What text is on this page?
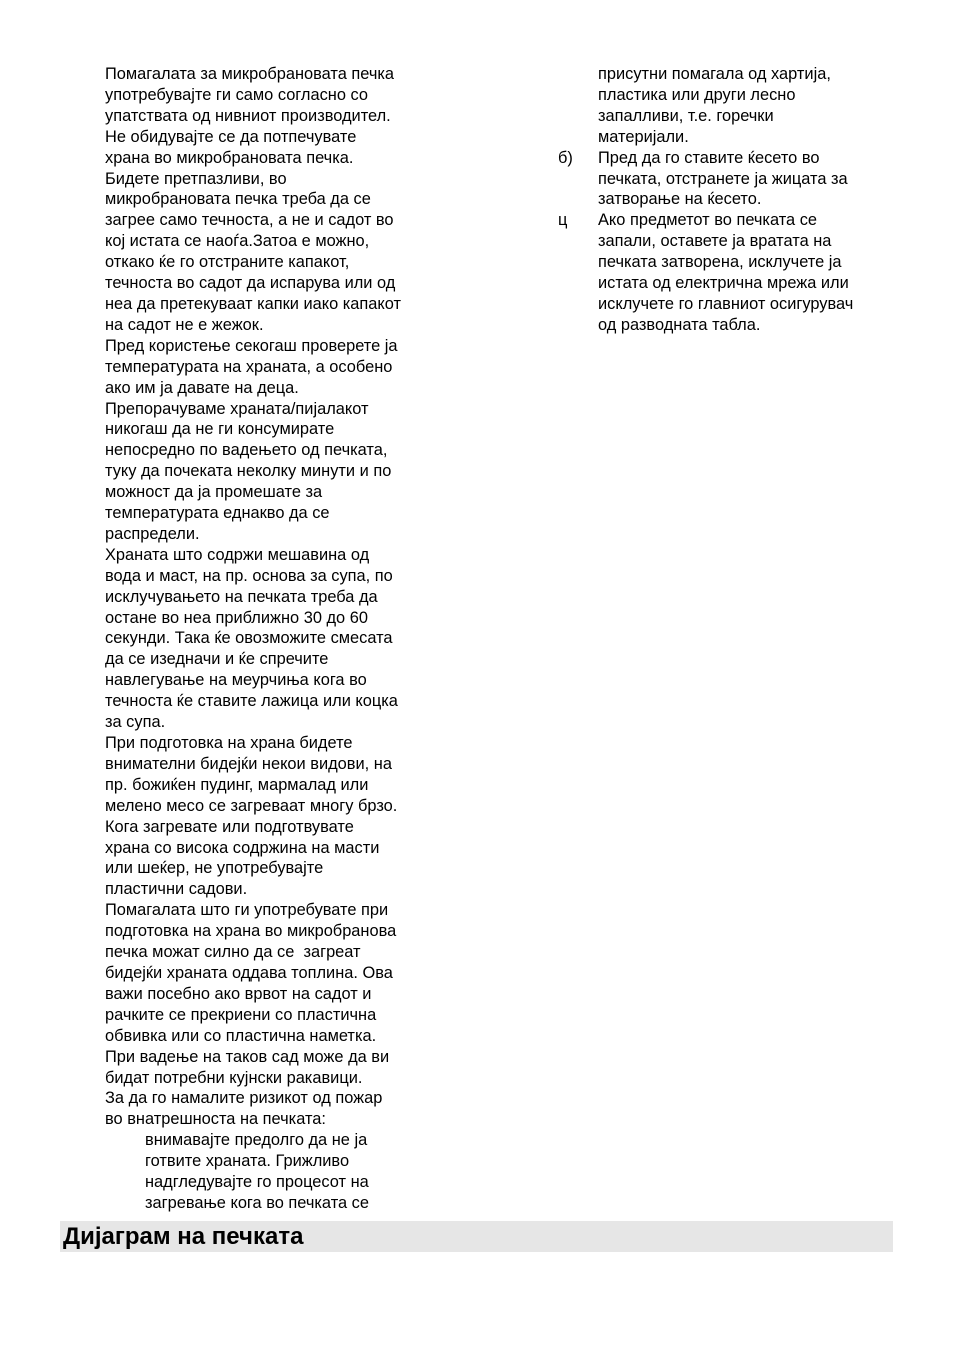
Помагалата за микробрановата печка
употребувајте ги само согласно со
упатствата од нивниот производител.
Не обидувајте се да потпечувате
храна во микробрановата печка.
Бидете претпазливи, во
микробрановата печка треба да се
загрее само течноста, а не и садот во
кој истата се наоѓа.Затоа е можно,
откако ќе го отстраните капакот,
течноста во садот да испарува или од
неа да претекуваат капки иако капакот
на садот не е жежок.
Пред користење секогаш проверете ја
температурата на храната, а особено
ако им ја давате на деца.
Препорачуваме храната/пијалакот
никогаш да не ги консумирате
непосредно по вадењето од печката,
туку да почеката неколку минути и по
можност да ја промешате за
температурата еднакво да се
распредели.
Храната што содржи мешавина од
вода и маст, на пр. основа за супа, по
исклучувањето на печката треба да
остане во неа приближно 30 до 60
секунди. Така ќе овозможите смесата
да се изедначи и ќе спречите
навлегување на меурчиња кога во
течноста ќе ставите лажица или коцка
за супа.
При подготовка на храна бидете
внимателни бидејќи некои видови, на
пр. божиќен пудинг, мармалад или
мелено месо се загреваат многу брзо.
Кога загревате или подготвувате
храна со висока содржина на масти
или шеќер, не употребувајте
пластични садови.
Помагалата што ги употребувате при
подготовка на храна во микробранова
печка можат силно да се  загреат
бидејќи храната оддава топлина. Ова
важи посебно ако врвот на садот и
рачките се прекриени со пластична
обвивка или со пластична наметка.
При вадење на таков сад може да ви
бидат потребни кујнски ракавици.
За да го намалите ризикот од пожар
во внатрешноста на печката:
внимавајте предолго да не ја
готвите храната. Грижливо
надгледувајте го процесот на
загревање кога во печката се
присутни помагала од хартија,
пластика или други лесно
запалливи, т.е. горечки
материјали.
б) Пред да го ставите ќесето во
печката, отстранете ја жицата за
затворање на ќесето.
ц Ако предметот во печката се
запали, оставете ја вратата на
печката затворена, исклучете ја
истата од електрична мрежа или
исклучете го главниот осигурувач
од разводната табла.
Дијаграм на печката
